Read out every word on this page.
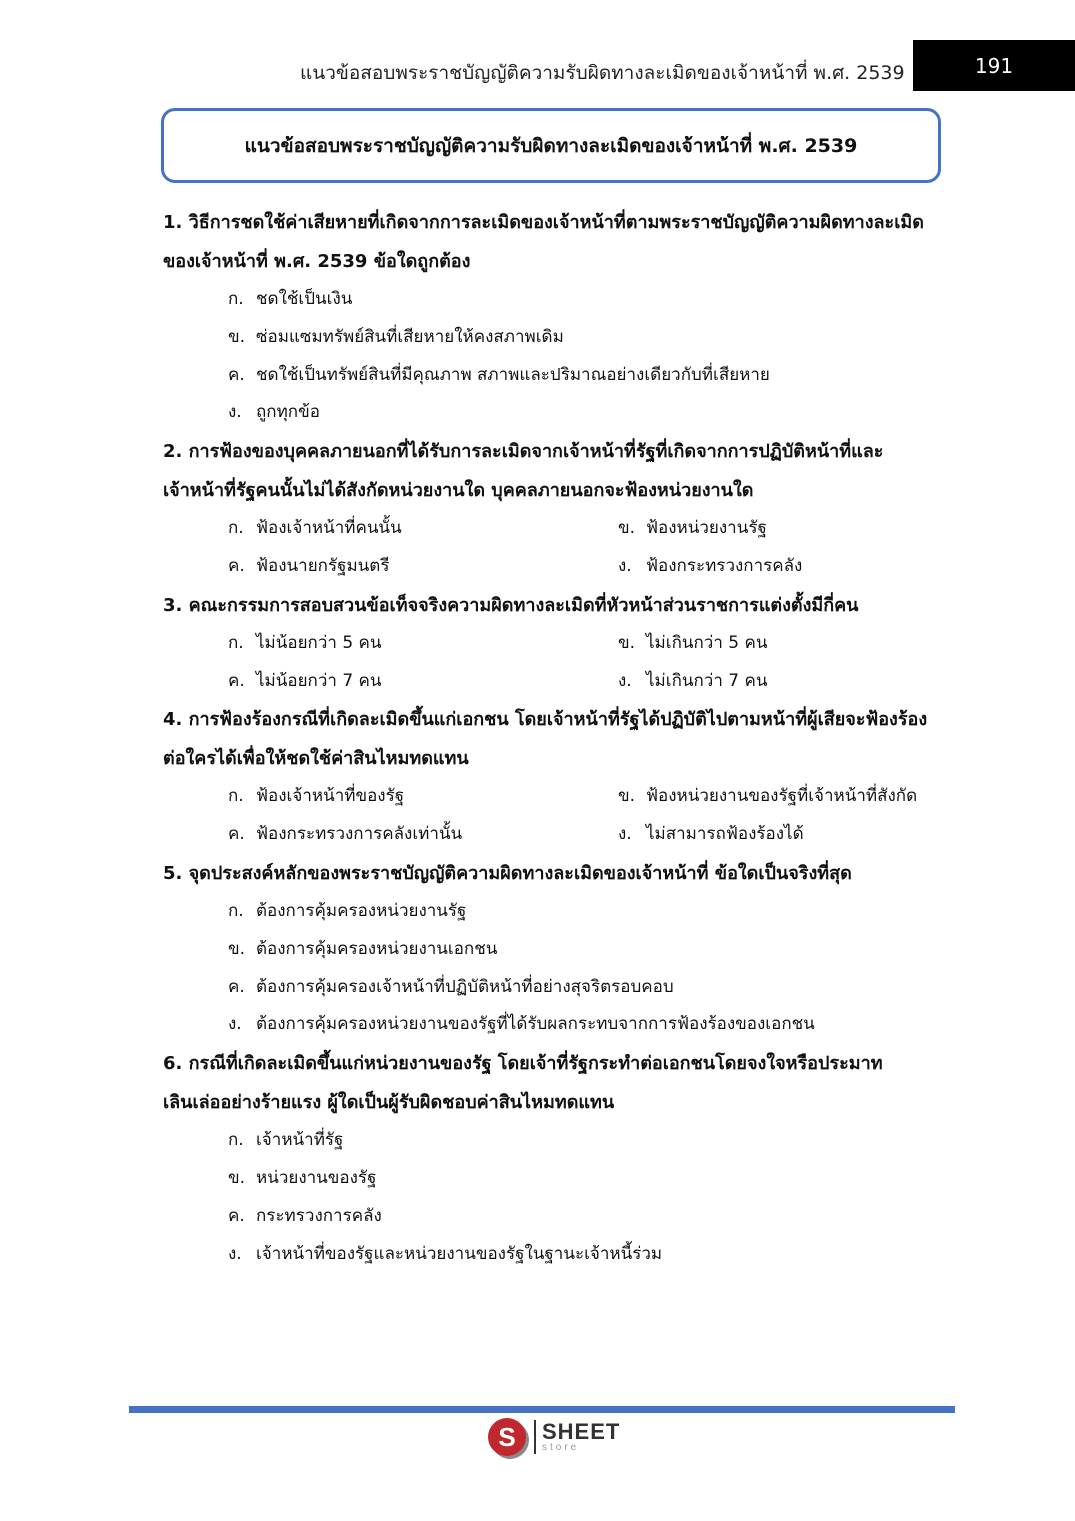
แนวข้อสอบพระราชบัญญัติความรับผิดทางละเมิดของเจ้าหน้าที่ พ.ศ. 2539	191
แนวข้อสอบพระราชบัญญัติความรับผิดทางละเมิดของเจ้าหน้าที่ พ.ศ. 2539
1. วิธีการชดใช้ค่าเสียหายที่เกิดจากการละเมิดของเจ้าหน้าที่ตามพระราชบัญญัติความผิดทางละเมิด
ของเจ้าหน้าที่ พ.ศ. 2539 ข้อใดถูกต้อง
ก. ชดใช้เป็นเงิน
ข. ซ่อมแซมทรัพย์สินที่เสียหายให้คงสภาพเดิม
ค. ชดใช้เป็นทรัพย์สินที่มีคุณภาพ สภาพและปริมาณอย่างเดียวกับที่เสียหาย
ง. ถูกทุกข้อ
2. การฟ้องของบุคคลภายนอกที่ได้รับการละเมิดจากเจ้าหน้าที่รัฐที่เกิดจากการปฏิบัติหน้าที่และ
เจ้าหน้าที่รัฐคนนั้นไม่ได้สังกัดหน่วยงานใด บุคคลภายนอกจะฟ้องหน่วยงานใด
ก. ฟ้องเจ้าหน้าที่คนนั้น	ข. ฟ้องหน่วยงานรัฐ
ค. ฟ้องนายกรัฐมนตรี	ง. ฟ้องกระทรวงการคลัง
3. คณะกรรมการสอบสวนข้อเท็จจริงความผิดทางละเมิดที่หัวหน้าส่วนราชการแต่งตั้งมีกี่คน
ก. ไม่น้อยกว่า 5 คน	ข. ไม่เกินกว่า 5 คน
ค. ไม่น้อยกว่า 7 คน	ง. ไม่เกินกว่า 7 คน
4. การฟ้องร้องกรณีที่เกิดละเมิดขึ้นแก่เอกชน โดยเจ้าหน้าที่รัฐได้ปฏิบัติไปตามหน้าที่ผู้เสียจะฟ้องร้อง
ต่อใครได้เพื่อให้ชดใช้ค่าสินไหมทดแทน
ก. ฟ้องเจ้าหน้าที่ของรัฐ	ข. ฟ้องหน่วยงานของรัฐที่เจ้าหน้าที่สังกัด
ค. ฟ้องกระทรวงการคลังเท่านั้น	ง. ไม่สามารถฟ้องร้องได้
5. จุดประสงค์หลักของพระราชบัญญัติความผิดทางละเมิดของเจ้าหน้าที่ ข้อใดเป็นจริงที่สุด
ก. ต้องการคุ้มครองหน่วยงานรัฐ
ข. ต้องการคุ้มครองหน่วยงานเอกชน
ค. ต้องการคุ้มครองเจ้าหน้าที่ปฏิบัติหน้าที่อย่างสุจริตรอบคอบ
ง. ต้องการคุ้มครองหน่วยงานของรัฐที่ได้รับผลกระทบจากการฟ้องร้องของเอกชน
6. กรณีที่เกิดละเมิดขึ้นแก่หน่วยงานของรัฐ โดยเจ้าที่รัฐกระทำต่อเอกชนโดยจงใจหรือประมาท
เลินเล่ออย่างร้ายแรง ผู้ใดเป็นผู้รับผิดชอบค่าสินไหมทดแทน
ก. เจ้าหน้าที่รัฐ
ข. หน่วยงานของรัฐ
ค. กระทรวงการคลัง
ง. เจ้าหน้าที่ของรัฐและหน่วยงานของรัฐในฐานะเจ้าหนี้ร่วม
S	SHEET
store
